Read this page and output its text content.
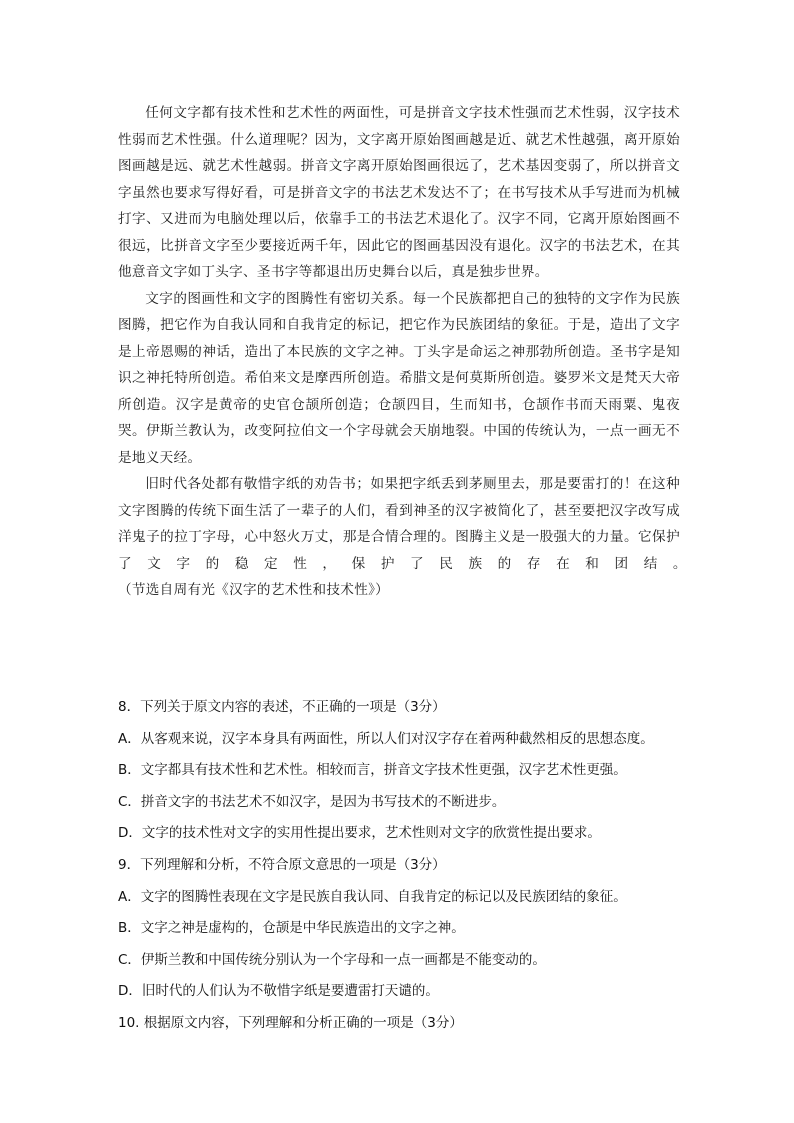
任何文字都有技术性和艺术性的两面性，可是拼音文字技术性强而艺术性弱，汉字技术性弱而艺术性强。什么道理呢？因为，文字离开原始图画越是近、就艺术性越强，离开原始图画越是远、就艺术性越弱。拼音文字离开原始图画很远了，艺术基因变弱了，所以拼音文字虽然也要求写得好看，可是拼音文字的书法艺术发达不了；在书写技术从手写进而为机械打字、又进而为电脑处理以后，依靠手工的书法艺术退化了。汉字不同，它离开原始图画不很远，比拼音文字至少要接近两千年，因此它的图画基因没有退化。汉字的书法艺术，在其他意音文字如丁头字、圣书字等都退出历史舞台以后，真是独步世界。

文字的图画性和文字的图腾性有密切关系。每一个民族都把自己的独特的文字作为民族图腾，把它作为自我认同和自我肯定的标记，把它作为民族团结的象征。于是，造出了文字是上帝恩赐的神话，造出了本民族的文字之神。丁头字是命运之神那勃所创造。圣书字是知识之神托特所创造。希伯来文是摩西所创造。希腊文是何莫斯所创造。婆罗米文是梵天大帝所创造。汉字是黄帝的史官仓颉所创造；仓颉四目，生而知书，仓颉作书而天雨粟、鬼夜哭。伊斯兰教认为，改变阿拉伯文一个字母就会天崩地裂。中国的传统认为，一点一画无不是地义天经。

旧时代各处都有敬惜字纸的劝告书；如果把字纸丢到茅厕里去，那是要雷打的！在这种文字图腾的传统下面生活了一辈子的人们，看到神圣的汉字被简化了，甚至要把汉字改写成洋鬼子的拉丁字母，心中怒火万丈，那是合情合理的。图腾主义是一股强大的力量。它保护了文字的稳定性，保护了民族的存在和团结。　　（节选自周有光《汉字的艺术性和技术性》）

8．下列关于原文内容的表述，不正确的一项是（3分）
A．从客观来说，汉字本身具有两面性，所以人们对汉字存在着两种截然相反的思想态度。
B．文字都具有技术性和艺术性。相较而言，拼音文字技术性更强，汉字艺术性更强。
C．拼音文字的书法艺术不如汉字，是因为书写技术的不断进步。
D．文字的技术性对文字的实用性提出要求，艺术性则对文字的欣赏性提出要求。
9．下列理解和分析，不符合原文意思的一项是（3分）
A．文字的图腾性表现在文字是民族自我认同、自我肯定的标记以及民族团结的象征。
B．文字之神是虚构的，仓颉是中华民族造出的文字之神。
C．伊斯兰教和中国传统分别认为一个字母和一点一画都是不能变动的。
D．旧时代的人们认为不敬惜字纸是要遭雷打天谴的。
10. 根据原文内容，下列理解和分析正确的一项是（3分）
